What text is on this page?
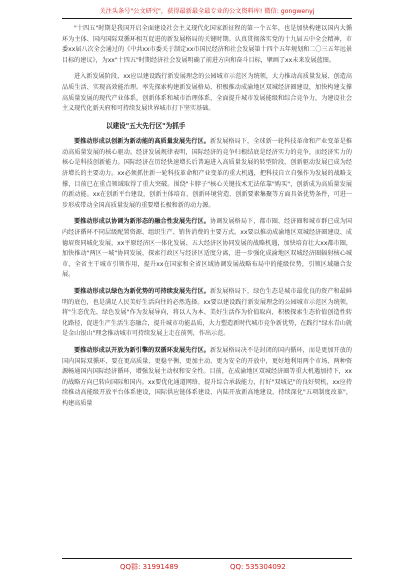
关注头条号"公文研究"，获得最新最全最专业的公文资料库! 微信: gongwenyj

"十四五"时期是我国开启全面建设社会主义现代化国家新征程的第一个五年，也是加快构建以国内大循环为主体、国内国际双循环相互促进的新发展格局的关键时期。认真贯彻落实党的十九届五中全会精神，市委xx届八次全会通过的《中共xx市委关于制定xx市国民经济和社会发展第十四个五年规划和二〇三五年远景目标的建议》，为xx"十四五"时期经济社会发展明确了前进方向和奋斗目标，擘画了xx未来发展蓝图。

进入新发展阶段，xx应以建设践行新发展理念的公园城市示范区为统领，大力推动高质量发展、创造高品质生活、实现高效能治理。率先探索构建新发展格局，积极推动成渝地区双城经济圈建设，加快构建支撑高质量发展的现代产业体系，创新体系和城市治理体系，全面提升城市发展能级和综合竞争力，为建设社会主义现代化新天府和可持续发展世界城市打下坚实基础。

以建设"五大先行区"为抓手

要推动形成以创新为新动能的高质量发展先行区。新发展格局下，全球新一轮科技革命和产业变革是推动高质量发展的核心驱动。经济发展规律表明，国际经济的竞争归根结底是经济实力的竞争，而经济实力的核心是科技创新能力。国际经济在历经快速增长后普遍进入高质量发展的转型阶段，创新驱动发展已成为经济增长的主要动力。xx必须抓住新一轮科技革命和产业变革的重大机遇，把科技自立自强作为发展的战略支撑，目前已在重点领域取得了重大突破。围绕"卡脖子"核心关键技术无法依靠"购买"，创新成为高质量发展的新动能。xx在创新平台建设、创新主体培育、创新环境营造、创新要素集聚等方面具备优势条件，可进一步形成带动全国高质量发展的重要增长极和新的动力源。

要推动形成以协调为新形态的融合性发展先行区。协调发展格局下，都市圈、经济圈和城市群已成为国内经济循环不同层级配置资源、组织生产、销售消费的主要方式。xx要以推动成渝地区双城经济圈建设、成德眉资同城化发展、xx平原经济区一体化发展、五大经济区协同发展的战略机遇，加快培育壮大xx都市圈，加快推动"两区一城"协同发展，探索行政区与经济区适度分离，进一步强化成渝地区双城经济圈辐射核心城市、全省主干城市引领作用，提升xx在国家和全省区域协调发展战略布局中的能级位势，引领区域融合发展。

要推动形成以绿色为新优势的可持续发展先行区。新发展格局下，绿色生态是城市最优良的资产和最鲜明的底色，也是满足人民美好生活向往的必然选择。xx要以建设践行新发展理念的公园城市示范区为统领，将"生态优先、绿色发展"作为发展导向，将以人为本、美好生活作为价值取向，积极探索生态价值创造性转化路径，促进生产生活生态融合，提升城市功能品质，大力塑造新时代城市竞争新优势，在践行"绿水青山就是金山银山"理念推动城市可持续发展上走在前列，作出示范。

要推动形成以开放为新引擎的双循环发展先行区。新发展格局决不是封闭的国内循环，而是更加开放的国内国际双循环，要在更高质量、更稳平衡、更加主动、更为安全的开放中，更好地利用两个市场、两种资源畅通国内国际经济循环，增强发展主动权和安全性。目前，在成渝地区双城经济圈等重大机遇加持下，xx的战略方向已转向国际和国内。xx要优化通道网络，提升综合承载能力，打好"双城记"的良好契机，xx应持续推动高能级开放平台体系建设，国际供应链体系建设、内陆开放新高地建设，持续深化"五项制度改革"，构建高质量

QQ群: 31991489	QQ: 535304092
